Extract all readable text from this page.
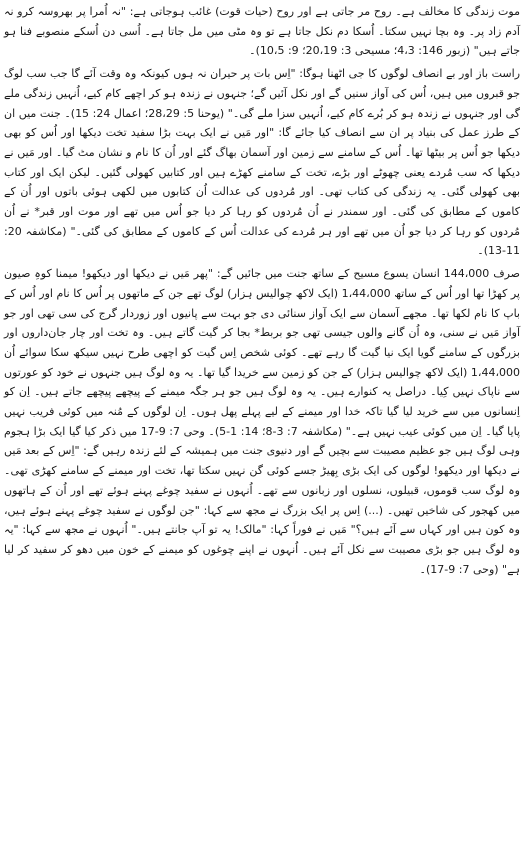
موت زندگی کا مخالف ہے۔ روح مر جاتی ہے اور روح (حیات قوت) غائب ہوجاتی ہے: "نہ اُمرا پر بھروسہ کرو نہ آدم زاد پر۔ وہ بچا نہیں سکتا۔ اُسکا دم نکل جاتا ہے تو وہ مٹی میں مل جاتا ہے۔ اُسی دن اُسکے منصوبے فنا ہو جاتے ہیں" (زبور 146: 4،3؛ مسیحی 3: 20،19؛ 9: 10،5)۔

راست باز اور بے انصاف لوگوں کا جی اٹھنا ہوگا: "اِس بات پر حیران نہ ہوں کیونکہ وہ وقت آئے گا جب سب لوگ جو قبروں میں ہیں، اُس کی آواز سنیں گے اور نکل آئیں گے؛ جنہوں نے زندہ ہو کر اچھے کام کیے، اُنہیں زندگی ملے گی اور جنہوں نے زندہ ہو کر بُرے کام کیے، اُنہیں سزا ملے گی۔" (یوحنا 5: 28،29؛ اعمال 24: 15)۔ جنت میں ان کے طرز عمل کی بنیاد پر ان سے انصاف کیا جائے گا: "اور مَیں نے ایک بہت بڑا سفید تخت دیکھا اور اُس کو بھی دیکھا جو اُس پر بیٹھا تھا۔ اُس کے سامنے سے زمین اور آسمان بھاگ گئے اور اُن کا نام و نشان مٹ گیا۔ اور مَیں نے دیکھا کہ سب مُردے یعنی چھوٹے اور بڑے، تخت کے سامنے کھڑے ہیں اور کتابیں کھولی گئیں۔ لیکن ایک اور کتاب بھی کھولی گئی۔ یہ زندگی کی کتاب تھی۔ اور مُردوں کی عدالت اُن کتابوں میں لکھی ہوئی باتوں اور اُن کے کاموں کے مطابق کی گئی۔ اور سمندر نے اُن مُردوں کو رہا کر دیا جو اُس میں تھے اور موت اور قبر* نے اُن مُردوں کو رہا کر دیا جو اُن میں تھے اور ہر مُردے کی عدالت اُس کے کاموں کے مطابق کی گئی۔" (مکاشفہ 20: 11-13)۔

صرف 144،000 انسان یسوع مسیح کے ساتھ جنت میں جائیں گے: "پھر مَیں نے دیکھا اور دیکھو! میمنا کوہِ صیون پر کھڑا تھا اور اُس کے ساتھ 1،44،000 (ایک لاکھ چوالیس ہزار) لوگ تھے جن کے ماتھوں پر اُس کا نام اور اُس کے باپ کا نام لکھا تھا۔ مجھے آسمان سے ایک آواز سنائی دی جو بہت سے پانیوں اور زوردار گرج کی سی تھی اور جو آواز مَیں نے سنی، وہ اُن گانے والوں جیسی تھی جو بربط* بجا کر گیت گاتے ہیں۔ وہ تخت اور چار جان‌داروں اور بزرگوں کے سامنے گویا ایک نیا گیت گا رہے تھے۔ کوئی شخص اِس گیت کو اچھی طرح نہیں سیکھ سکا سوائے اُن 1،44،000 (ایک لاکھ چوالیس ہزار) کے جن کو زمین سے خریدا گیا تھا۔ یہ وہ لوگ ہیں جنہوں نے خود کو عورتوں سے ناپاک نہیں کِیا۔ دراصل یہ کنوارے ہیں۔ یہ وہ لوگ ہیں جو ہر جگہ میمنے کے پیچھے پیچھے جاتے ہیں۔ اِن کو اِنسانوں میں سے خرید لیا گیا تاکہ خدا اور میمنے کے لیے پہلے پھل ہوں۔ اِن لوگوں کے مُنہ میں کوئی فریب نہیں پایا گیا۔ اِن میں کوئی عیب نہیں ہے۔" (مکاشفہ 7: 3-8؛ 14: 1-5)۔ وحی 7: 9-17 میں ذکر کیا گیا ایک بڑا ہجوم وہی لوگ ہیں جو عظیم مصیبت سے بچیں گے اور دنیوی جنت میں ہمیشہ کے لئے زندہ رہیں گے: "اِس کے بعد مَیں نے دیکھا اور دیکھو! لوگوں کی ایک بڑی بِھیڑ جسے کوئی گن نہیں سکتا تھا، تخت اور میمنے کے سامنے کھڑی تھی۔ وہ لوگ سب قوموں، قبیلوں، نسلوں اور زبانوں سے تھے۔ اُنہوں نے سفید چوغے پہنے ہوئے تھے اور اُن کے ہاتھوں میں کھجور کی شاخیں تھیں۔ (...) اِس پر ایک بزرگ نے مجھ سے کہا: "جن لوگوں نے سفید چوغے پہنے ہوئے ہیں، وہ کون ہیں اور کہاں سے آئے ہیں؟" مَیں نے فوراً کہا: "مالک! یہ تو آپ جانتے ہیں۔" اُنہوں نے مجھ سے کہا: "یہ وہ لوگ ہیں جو بڑی مصیبت سے نکل آئے ہیں۔ اُنہوں نے اپنے چوغوں کو میمنے کے خون میں دھو کر سفید کر لیا ہے" (وحی 7: 9-17)۔
